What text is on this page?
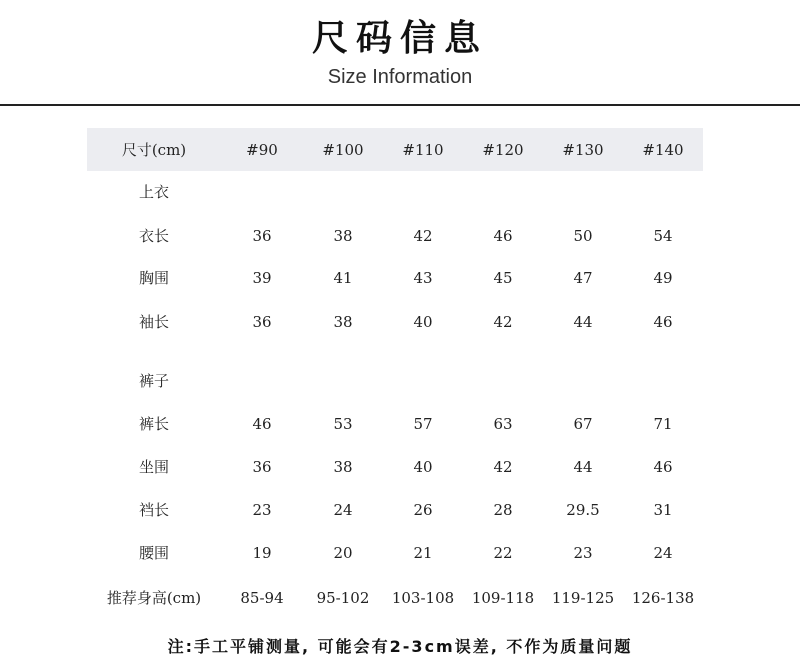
尺码信息
Size Information
尺寸(cm)	#90	#100	#110	#120	#130	#140
上衣
衣长	36	38	42	46	50	54
胸围	39	41	43	45	47	49
袖长	36	38	40	42	44	46
裤子
裤长	46	53	57	63	67	71
坐围	36	38	40	42	44	46
裆长	23	24	26	28	29.5	31
腰围	19	20	21	22	23	24
推荐身高(cm)	85-94	95-102	103-108	109-118	119-125	126-138
注:手工平铺测量, 可能会有2-3cm误差, 不作为质量问题
